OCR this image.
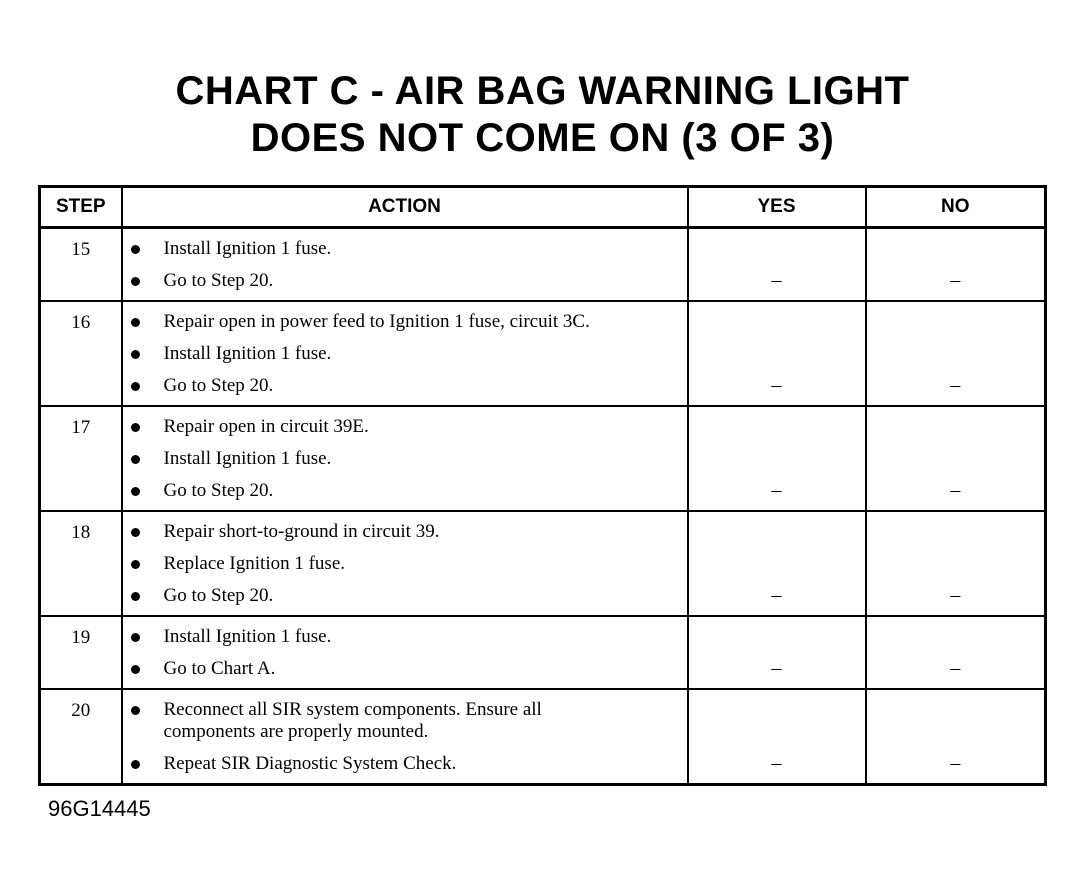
CHART C - AIR BAG WARNING LIGHT
DOES NOT COME ON (3 OF 3)
STEP	ACTION	YES	NO
15	Install Ignition 1 fuse.
Go to Step 20.	–	–

16	Repair open in power feed to Ignition 1 fuse, circuit 3C.
Install Ignition 1 fuse.
Go to Step 20.	–	–

17	Repair open in circuit 39E.
Install Ignition 1 fuse.
Go to Step 20.	–	–

18	Repair short-to-ground in circuit 39.
Replace Ignition 1 fuse.
Go to Step 20.	–	–

19	Install Ignition 1 fuse.
Go to Chart A.	–	–

20	Reconnect all SIR system components. Ensure all
components are properly mounted.
Repeat SIR Diagnostic System Check.	–	–
96G14445
